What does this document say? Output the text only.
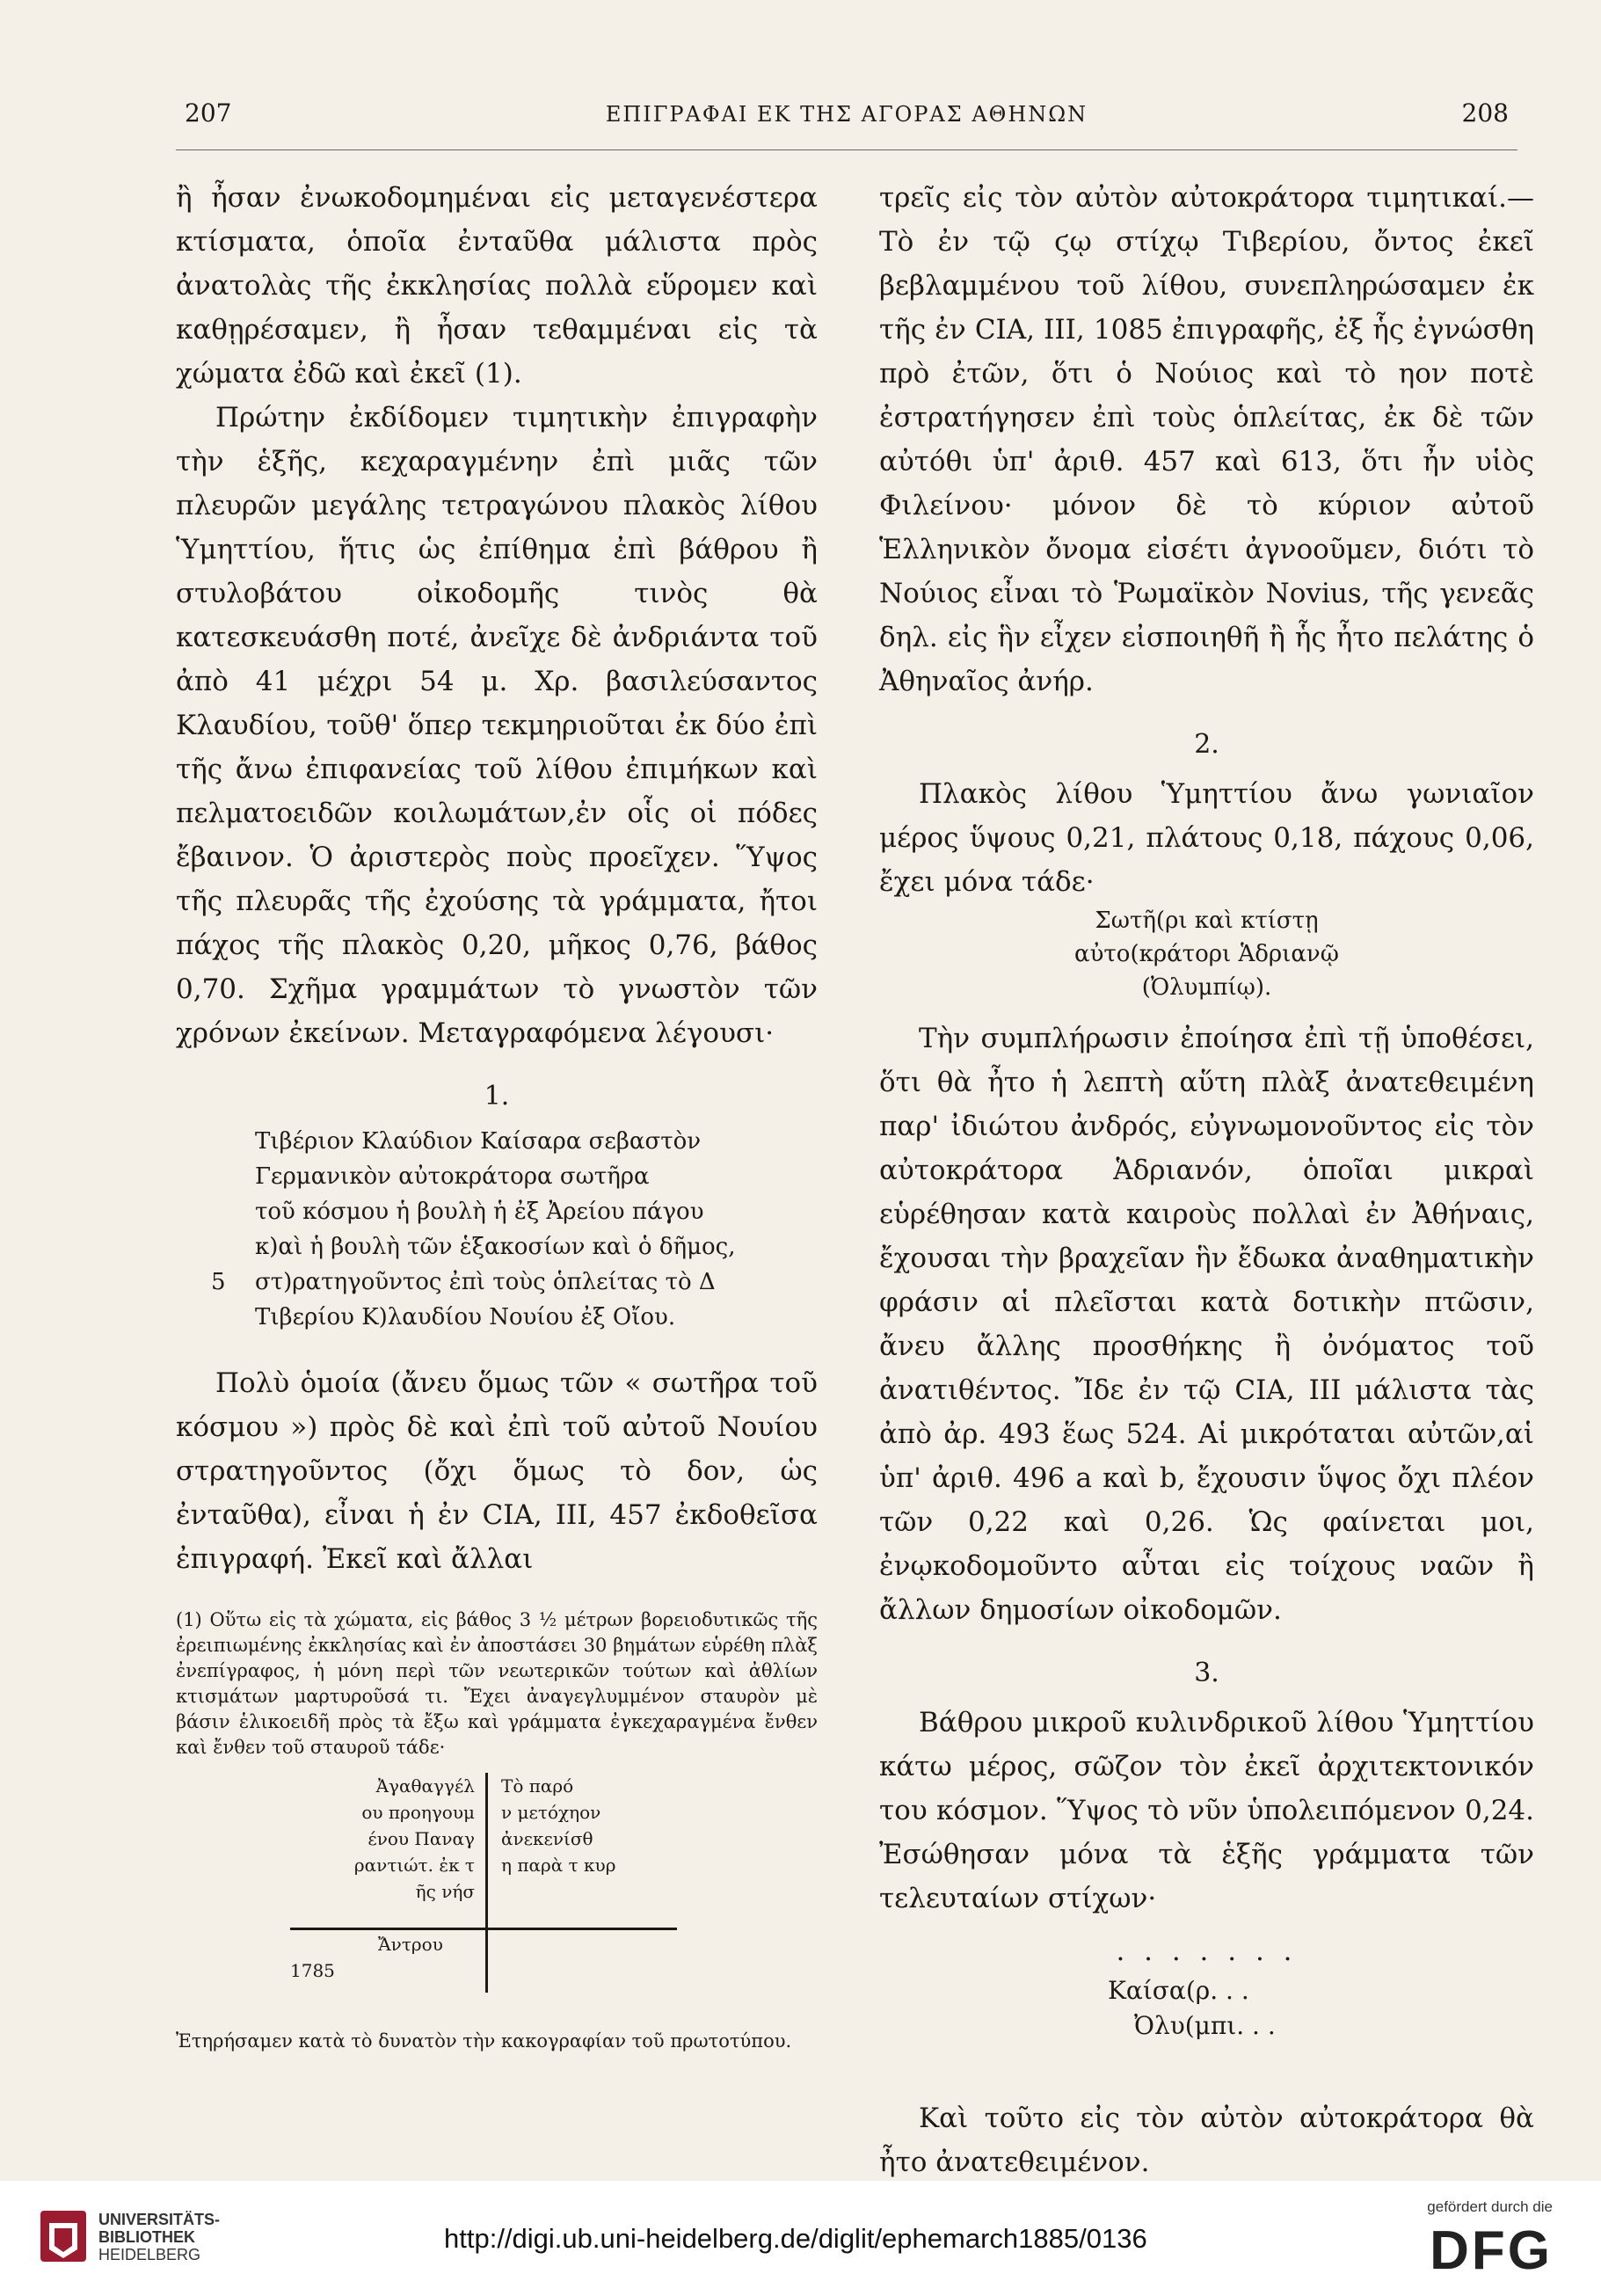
207	ΕΠΙΓΡΑΦΑΙ ΕΚ ΤΗΣ ΑΓΟΡΑΣ ΑΘΗΝΩΝ	208

ἢ ἦσαν ἐνωκοδομημέναι εἰς μεταγενέστερα κτίσματα, ὁποῖα ἐνταῦθα μάλιστα πρὸς ἀνατολὰς τῆς ἐκκλησίας πολλὰ εὕρομεν καὶ καθῃρέσαμεν, ἢ ἦσαν τεθαμμέναι εἰς τὰ χώματα ἐδῶ καὶ ἐκεῖ (1).

Πρώτην ἐκδίδομεν τιμητικὴν ἐπιγραφὴν τὴν ἑξῆς, κεχαραγμένην ἐπὶ μιᾶς τῶν πλευρῶν μεγάλης τετραγώνου πλακὸς λίθου Ὑμηττίου, ἥτις ὡς ἐπίθημα ἐπὶ βάθρου ἢ στυλοβάτου οἰκοδομῆς τινὸς θὰ κατεσκευάσθη ποτέ, ἀνεῖχε δὲ ἀνδριάντα τοῦ ἀπὸ 41 μέχρι 54 μ. Χρ. βασιλεύσαντος Κλαυδίου, τοῦθ' ὅπερ τεκμηριοῦται ἐκ δύο ἐπὶ τῆς ἄνω ἐπιφανείας τοῦ λίθου ἐπιμήκων καὶ πελματοειδῶν κοιλωμάτων,ἐν οἷς οἱ πόδες ἔβαινον. Ὁ ἀριστερὸς ποὺς προεῖχεν. Ὕψος τῆς πλευρᾶς τῆς ἐχούσης τὰ γράμματα, ἤτοι πάχος τῆς πλακὸς 0,20, μῆκος 0,76, βάθος 0,70. Σχῆμα γραμμάτων τὸ γνωστὸν τῶν χρόνων ἐκείνων. Μεταγραφόμενα λέγουσι·

1.
Τιβέριον Κλαύδιον Καίσαρα σεβαστὸν
Γερμανικὸν αὐτοκράτορα σωτῆρα
τοῦ κόσμου ἡ βουλὴ ἡ ἐξ Ἀρείου πάγου
κ)αὶ ἡ βουλὴ τῶν ἑξακοσίων καὶ ὁ δῆμος,
5 στ)ρατηγοῦντος ἐπὶ τοὺς ὁπλείτας τὸ Δ
Τιβερίου Κ)λαυδίου Νουίου ἐξ Οἴου.

Πολὺ ὁμοία (ἄνευ ὅμως τῶν « σωτῆρα τοῦ κόσμου ») πρὸς δὲ καὶ ἐπὶ τοῦ αὐτοῦ Νουίου στρατηγοῦντος (ὄχι ὅμως τὸ δον, ὡς ἐνταῦθα), εἶναι ἡ ἐν CIA, III, 457 ἐκδοθεῖσα ἐπιγραφή. Ἐκεῖ καὶ ἄλλαι

(1) Οὕτω εἰς τὰ χώματα, εἰς βάθος 3 ½ μέτρων βορειοδυτικῶς τῆς ἐρειπιωμένης ἐκκλησίας καὶ ἐν ἀποστάσει 30 βημάτων εὑρέθη πλὰξ ἐνεπίγραφος, ἡ μόνη περὶ τῶν νεωτερικῶν τούτων καὶ ἀθλίων κτισμάτων μαρτυροῦσά τι. Ἔχει ἀναγεγλυμμένον σταυρὸν μὲ βάσιν ἑλικοειδῆ πρὸς τὰ ἔξω καὶ γράμματα ἐγκεχαραγμένα ἔνθεν καὶ ἔνθεν τοῦ σταυροῦ τάδε·
Ἀγαθαγγέλ
ου προηγουμ
ένου Παναγ
ραντιώτ. ἐκ τ
ῆς νήσ
Τὸ παρό
ν μετόχηον
ἀνεκενίσθ
η παρὰ τ κυρ
Ἄντρου
1785
Ἐτηρήσαμεν κατὰ τὸ δυνατὸν τὴν κακογραφίαν τοῦ πρωτοτύπου.

τρεῖς εἰς τὸν αὐτὸν αὐτοκράτορα τιμητικαί.—Τὸ ἐν τῷ ϛῳ στίχῳ Τιβερίου, ὄντος ἐκεῖ βεβλαμμένου τοῦ λίθου, συνεπληρώσαμεν ἐκ τῆς ἐν CIA, III, 1085 ἐπιγραφῆς, ἐξ ἧς ἐγνώσθη πρὸ ἐτῶν, ὅτι ὁ Νούιος καὶ τὸ ηον ποτὲ ἐστρατήγησεν ἐπὶ τοὺς ὁπλείτας, ἐκ δὲ τῶν αὐτόθι ὑπ' ἀριθ. 457 καὶ 613, ὅτι ἦν υἱὸς Φιλείνου· μόνον δὲ τὸ κύριον αὐτοῦ Ἑλληνικὸν ὄνομα εἰσέτι ἀγνοοῦμεν, διότι τὸ Νούιος εἶναι τὸ Ῥωμαϊκὸν Novius, τῆς γενεᾶς δηλ. εἰς ἣν εἶχεν εἰσποιηθῆ ἢ ἧς ἦτο πελάτης ὁ Ἀθηναῖος ἀνήρ.

2.

Πλακὸς λίθου Ὑμηττίου ἄνω γωνιαῖον μέρος ὕψους 0,21, πλάτους 0,18, πάχους 0,06, ἔχει μόνα τάδε·

Σωτῆ(ρι καὶ κτίστῃ
αὐτο(κράτορι Ἁδριανῷ
(Ὀλυμπίῳ).

Τὴν συμπλήρωσιν ἐποίησα ἐπὶ τῇ ὑποθέσει, ὅτι θὰ ἦτο ἡ λεπτὴ αὕτη πλὰξ ἀνατεθειμένη παρ' ἰδιώτου ἀνδρός, εὐγνωμονοῦντος εἰς τὸν αὐτοκράτορα Ἁδριανόν, ὁποῖαι μικραὶ εὑρέθησαν κατὰ καιροὺς πολλαὶ ἐν Ἀθήναις, ἔχουσαι τὴν βραχεῖαν ἣν ἔδωκα ἀναθηματικὴν φράσιν αἱ πλεῖσται κατὰ δοτικὴν πτῶσιν, ἄνευ ἄλλης προσθήκης ἢ ὀνόματος τοῦ ἀνατιθέντος. Ἴδε ἐν τῷ CIA, III μάλιστα τὰς ἀπὸ ἀρ. 493 ἕως 524. Αἱ μικρόταται αὐτῶν,αἱ ὑπ' ἀριθ. 496 a καὶ b, ἔχουσιν ὕψος ὄχι πλέον τῶν 0,22 καὶ 0,26. Ὡς φαίνεται μοι, ἐνῳκοδομοῦντο αὗται εἰς τοίχους ναῶν ἢ ἄλλων δημοσίων οἰκοδομῶν.

3.

Βάθρου μικροῦ κυλινδρικοῦ λίθου Ὑμηττίου κάτω μέρος, σῶζον τὸν ἐκεῖ ἀρχιτεκτονικόν του κόσμον. Ὕψος τὸ νῦν ὑπολειπόμενον 0,24. Ἐσώθησαν μόνα τὰ ἑξῆς γράμματα τῶν τελευταίων στίχων·

. . . . . . .
Καίσα(ρ. . .
Ὀλυ(μπι. . .

Καὶ τοῦτο εἰς τὸν αὐτὸν αὐτοκράτορα θὰ ἦτο ἀνατεθειμένον.

UNIVERSITÄTS-
BIBLIOTHEK
HEIDELBERG
http://digi.ub.uni-heidelberg.de/diglit/ephemarch1885/0136
gefördert durch die
DFG
